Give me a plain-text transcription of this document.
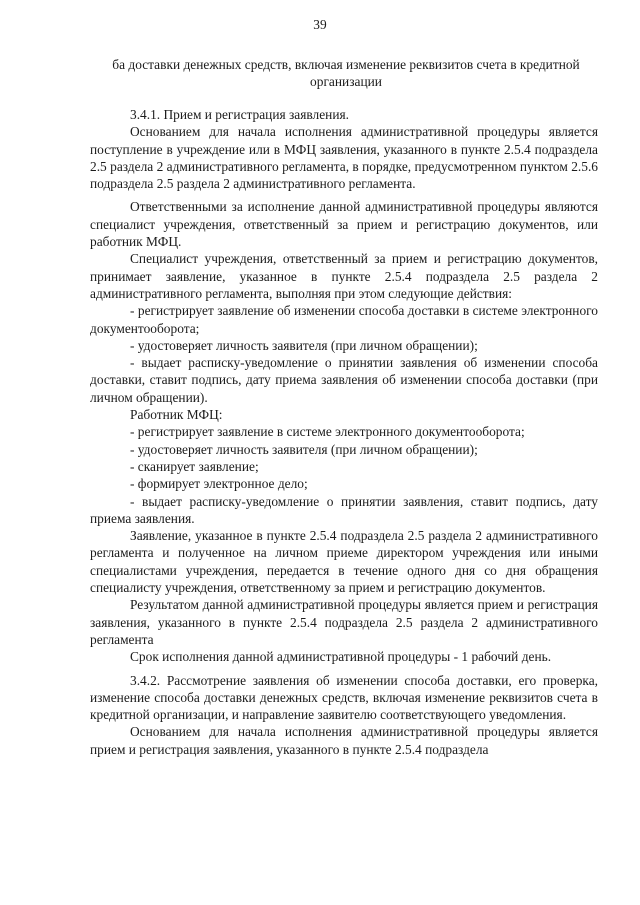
39
ба доставки денежных средств, включая изменение реквизитов счета в кредитной организации

3.4.1. Прием и регистрация заявления.

Основанием для начала исполнения административной процедуры является поступление в учреждение или в МФЦ заявления, указанного в пункте 2.5.4 подраздела 2.5 раздела 2 административного регламента, в порядке, предусмотренном пунктом 2.5.6 подраздела 2.5 раздела 2 административного регламента.

Ответственными за исполнение данной административной процедуры являются специалист учреждения, ответственный за прием и регистрацию документов, или работник МФЦ.

Специалист учреждения, ответственный за прием и регистрацию документов, принимает заявление, указанное в пункте 2.5.4 подраздела 2.5 раздела 2 административного регламента, выполняя при этом следующие действия:

- регистрирует заявление об изменении способа доставки в системе электронного документооборота;

- удостоверяет личность заявителя (при личном обращении);

- выдает расписку-уведомление о принятии заявления об изменении способа доставки, ставит подпись, дату приема заявления об изменении способа доставки (при личном обращении).

Работник МФЦ:

- регистрирует заявление в системе электронного документооборота;

- удостоверяет личность заявителя (при личном обращении);

- сканирует заявление;

- формирует электронное дело;

- выдает расписку-уведомление о принятии заявления, ставит подпись, дату приема заявления.

Заявление, указанное в пункте 2.5.4 подраздела 2.5 раздела 2 административного регламента и полученное на личном приеме директором учреждения или иными специалистами учреждения, передается в течение одного дня со дня обращения специалисту учреждения, ответственному за прием и регистрацию документов.

Результатом данной административной процедуры является прием и регистрация заявления, указанного в пункте 2.5.4 подраздела 2.5 раздела 2 административного регламента

Срок исполнения данной административной процедуры - 1 рабочий день.

3.4.2. Рассмотрение заявления об изменении способа доставки, его проверка, изменение способа доставки денежных средств, включая изменение реквизитов счета в кредитной организации, и направление заявителю соответствующего уведомления.

Основанием для начала исполнения административной процедуры является прием и регистрация заявления, указанного в пункте 2.5.4 подраздела
